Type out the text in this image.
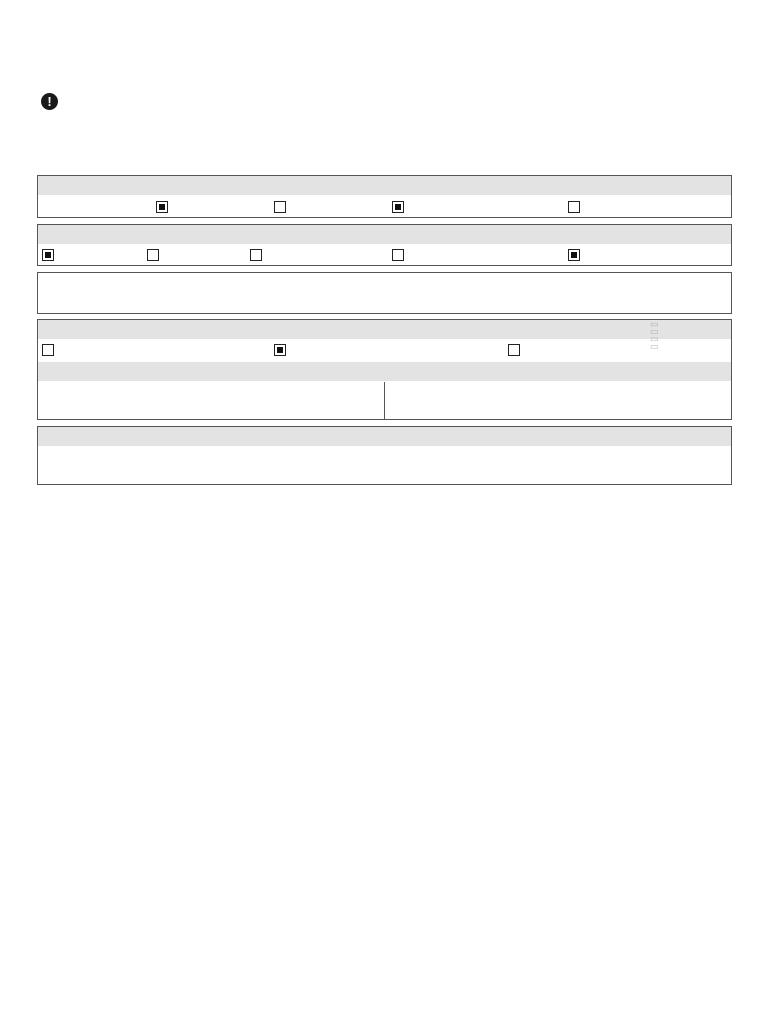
!
▯ ▯ ▯ ▯
